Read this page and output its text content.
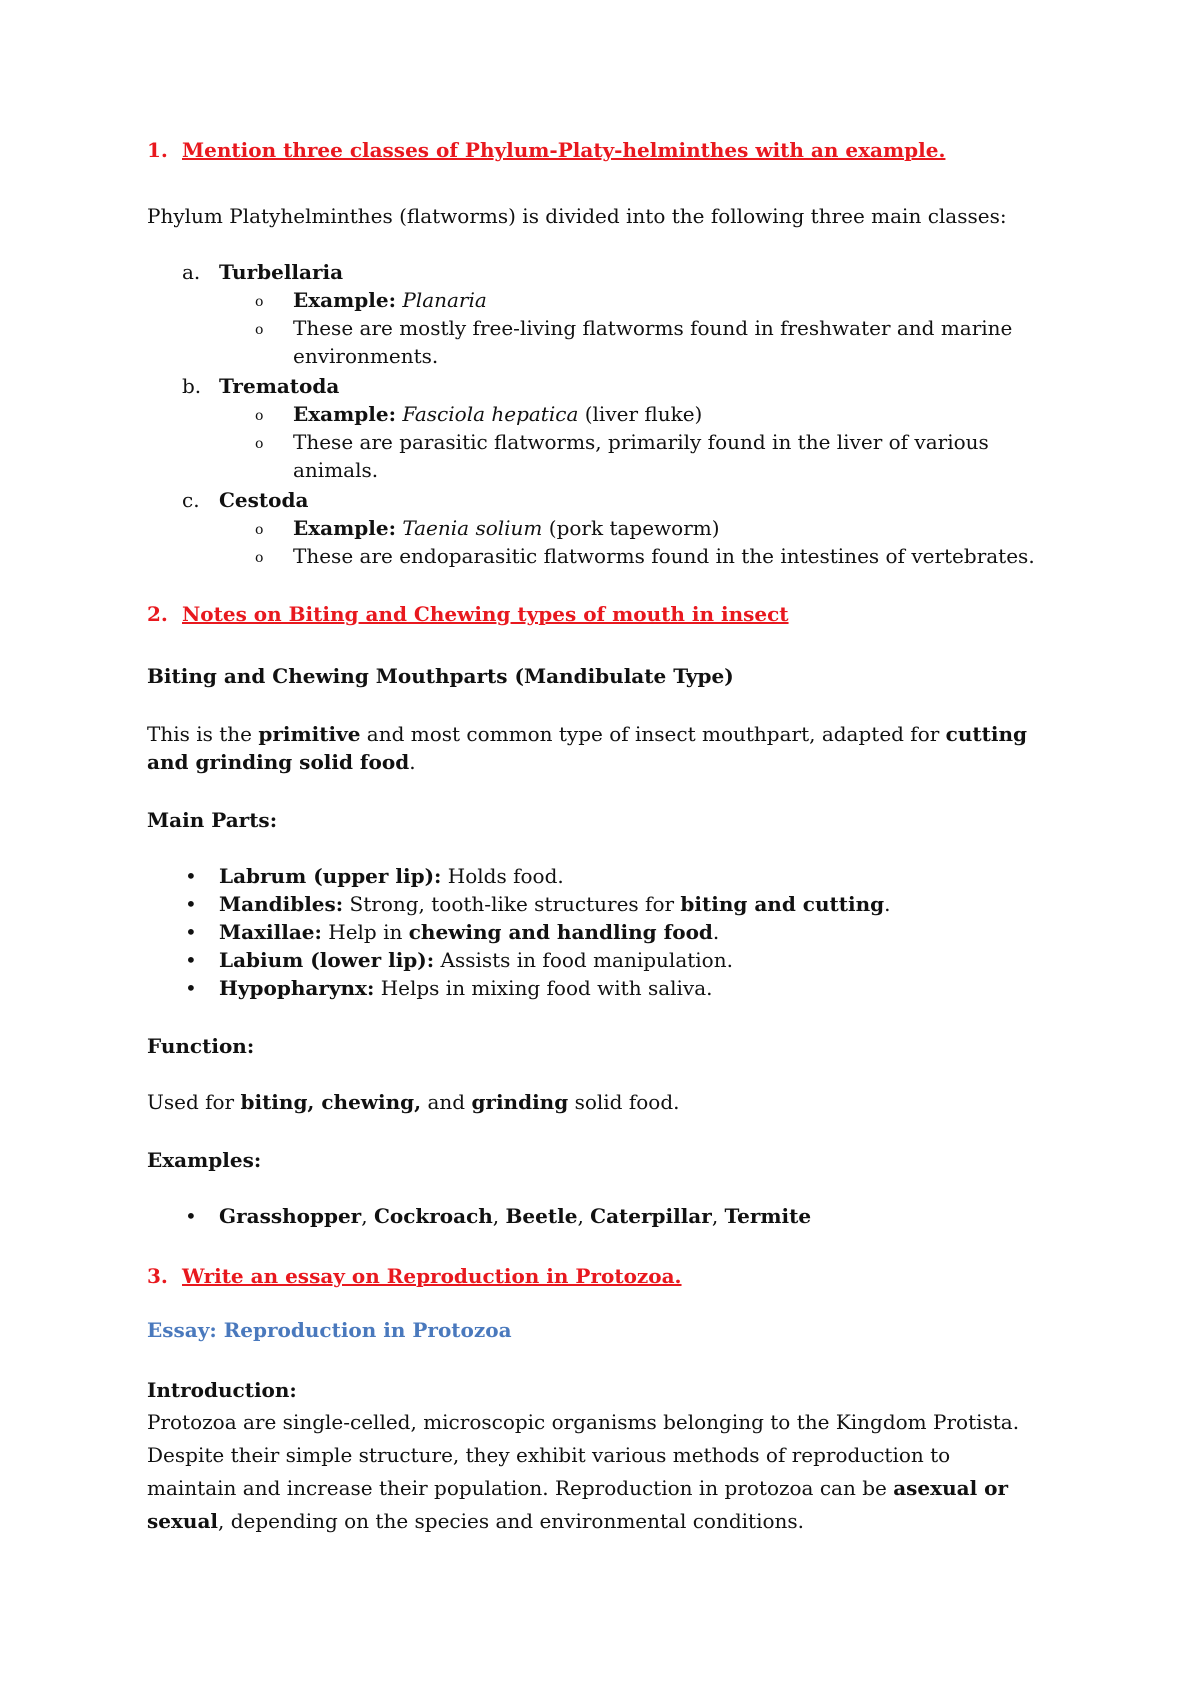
1. Mention three classes of Phylum-Platy-helminthes with an example.
Phylum Platyhelminthes (flatworms) is divided into the following three main classes:
a. Turbellaria
o Example: Planaria
o These are mostly free-living flatworms found in freshwater and marine
environments.
b. Trematoda
o Example: Fasciola hepatica (liver fluke)
o These are parasitic flatworms, primarily found in the liver of various
animals.
c. Cestoda
o Example: Taenia solium (pork tapeworm)
o These are endoparasitic flatworms found in the intestines of vertebrates.
2. Notes on Biting and Chewing types of mouth in insect
Biting and Chewing Mouthparts (Mandibulate Type)
This is the primitive and most common type of insect mouthpart, adapted for cutting
and grinding solid food.
Main Parts:
• Labrum (upper lip): Holds food.
• Mandibles: Strong, tooth-like structures for biting and cutting.
• Maxillae: Help in chewing and handling food.
• Labium (lower lip): Assists in food manipulation.
• Hypopharynx: Helps in mixing food with saliva.
Function:
Used for biting, chewing, and grinding solid food.
Examples:
• Grasshopper, Cockroach, Beetle, Caterpillar, Termite
3. Write an essay on Reproduction in Protozoa.
Essay: Reproduction in Protozoa
Introduction:
Protozoa are single-celled, microscopic organisms belonging to the Kingdom Protista.
Despite their simple structure, they exhibit various methods of reproduction to
maintain and increase their population. Reproduction in protozoa can be asexual or
sexual, depending on the species and environmental conditions.
